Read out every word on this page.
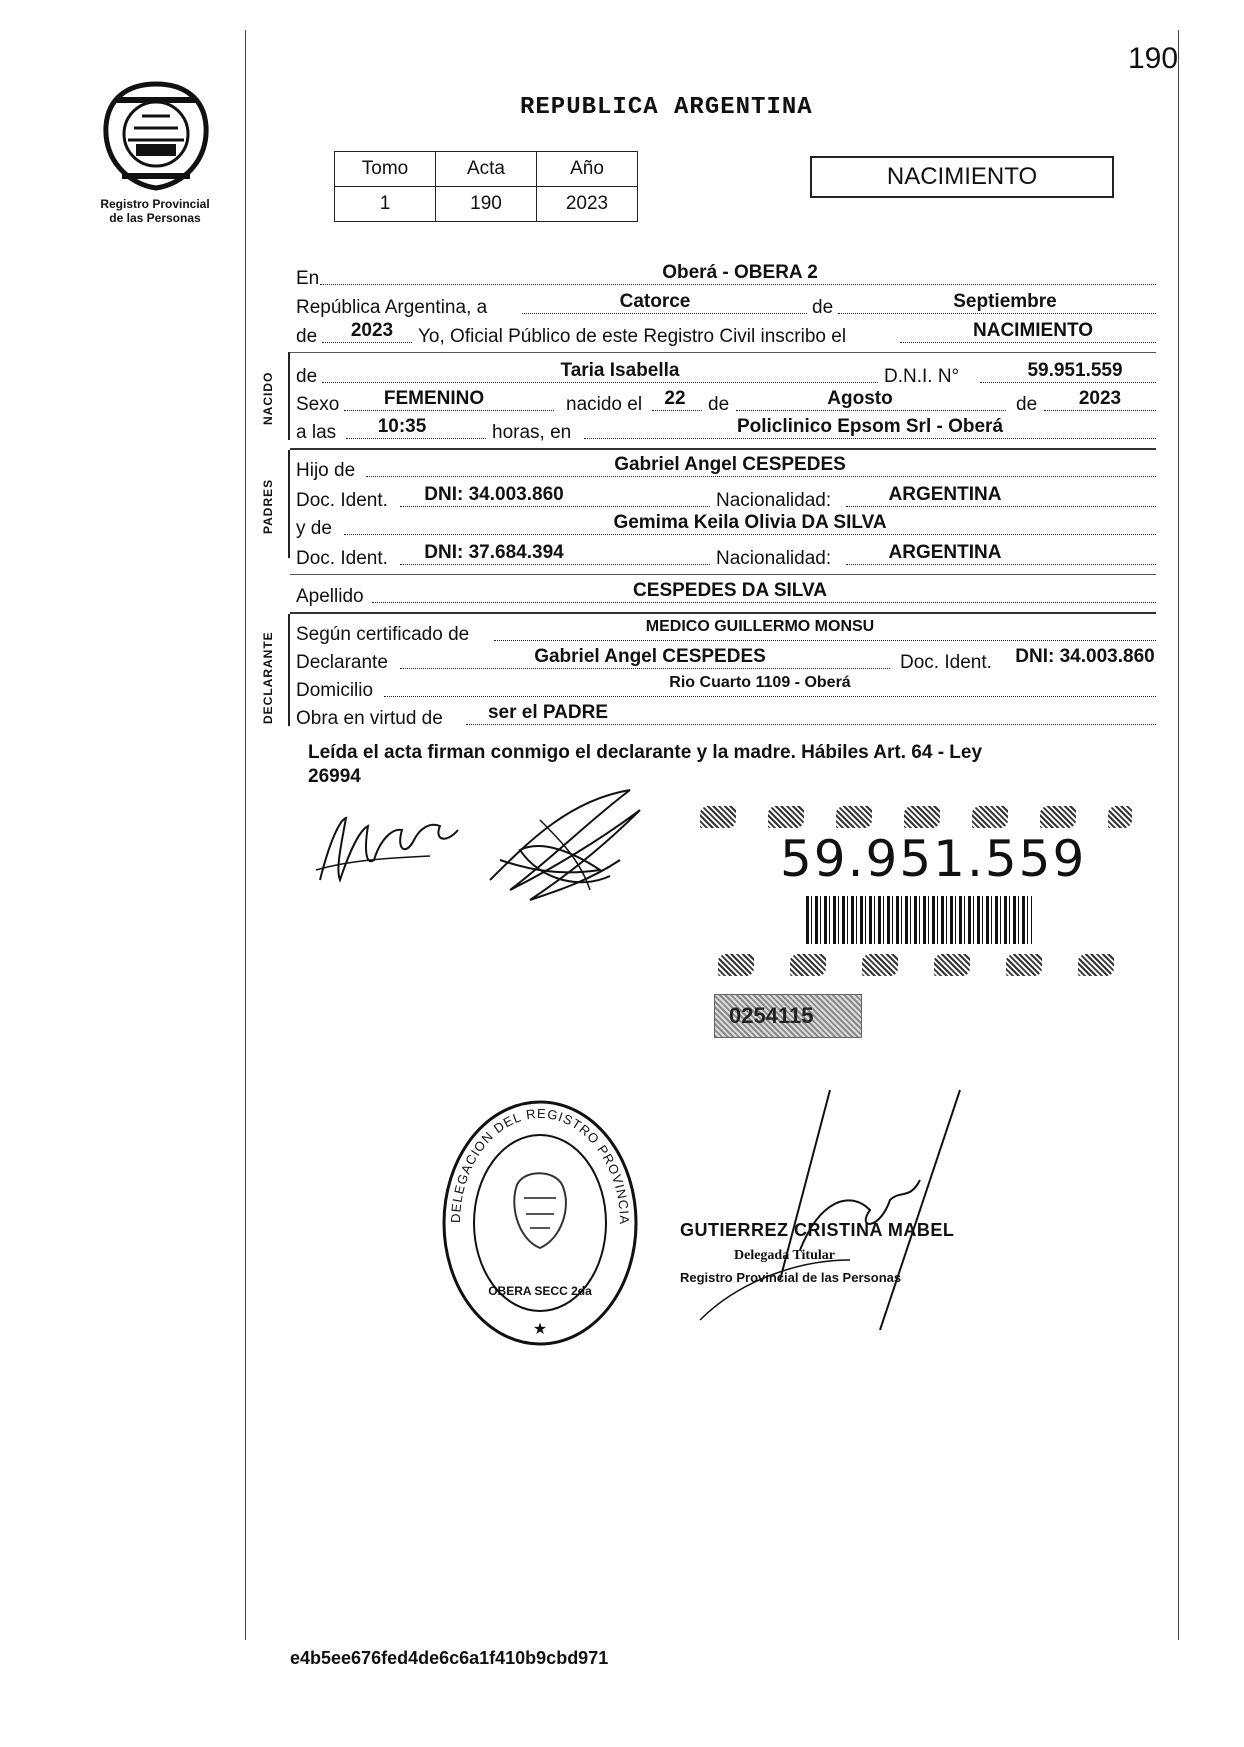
190
Registro Provincial
de las Personas
REPUBLICA ARGENTINA
Tomo	Acta	Año
1	190	2023
NACIMIENTO
En	Oberá - OBERA 2
República Argentina, a	Catorce	de	Septiembre
de	2023	Yo, Oficial Público de este Registro Civil inscribo el	NACIMIENTO
NACIDO de	Taria Isabella	D.N.I. N°	59.951.559
Sexo	FEMENINO	nacido el 22 de	Agosto	de	2023
a las	10:35	horas, en	Policlinico Epsom Srl - Oberá
PADRES
Hijo de	Gabriel Angel CESPEDES
Doc. Ident.	DNI: 34.003.860	Nacionalidad:	ARGENTINA
y de	Gemima Keila Olivia DA SILVA
Doc. Ident.	DNI: 37.684.394	Nacionalidad:	ARGENTINA
Apellido	CESPEDES DA SILVA
DECLARANTE Según certificado de	MEDICO GUILLERMO MONSU
Declarante	Gabriel Angel CESPEDES	Doc. Ident.	DNI: 34.003.860
Domicilio	Rio Cuarto 1109 - Oberá
Obra en virtud de	ser el PADRE
Leída el acta firman conmigo el declarante y la madre. Hábiles Art. 64 - Ley
26994
59.951.559
0254115
DELEGACION DEL REGISTRO PROVINCIA
★
OBERA SECC 2da
GUTIERREZ CRISTINA MABEL
Delegada Titular
Registro Provincial de las Personas
e4b5ee676fed4de6c6a1f410b9cbd971
